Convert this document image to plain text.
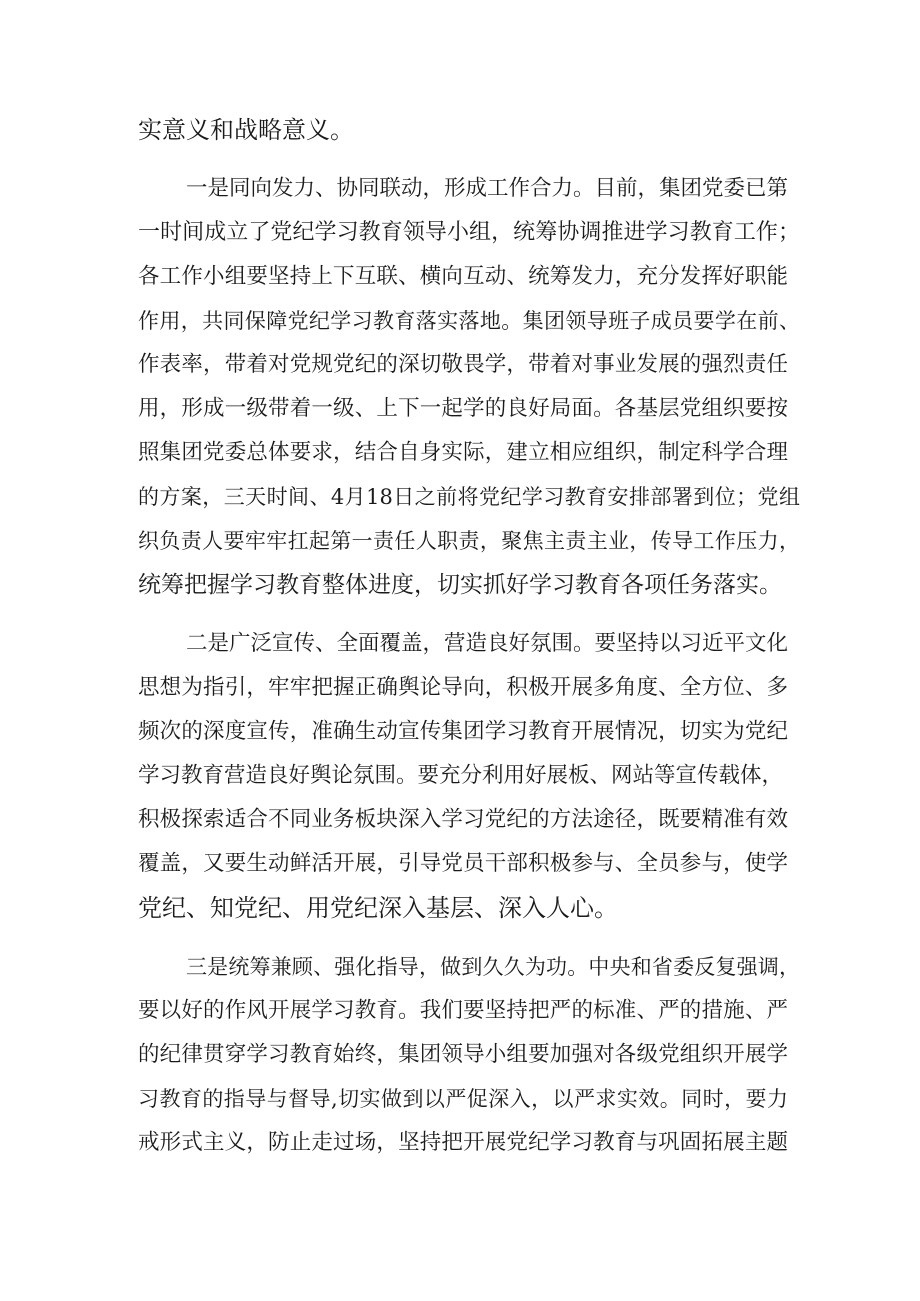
实意义和战略意义。
一是同向发力、协同联动，形成工作合力。目前，集团党委已第
一时间成立了党纪学习教育领导小组，统筹协调推进学习教育工作；
各工作小组要坚持上下互联、横向互动、统筹发力，充分发挥好职能
作用，共同保障党纪学习教育落实落地。集团领导班子成员要学在前、
作表率，带着对党规党纪的深切敬畏学，带着对事业发展的强烈责任
用，形成一级带着一级、上下一起学的良好局面。各基层党组织要按
照集团党委总体要求，结合自身实际，建立相应组织，制定科学合理
的方案，三天时间、4月18日之前将党纪学习教育安排部署到位；党组
织负责人要牢牢扛起第一责任人职责，聚焦主责主业，传导工作压力，
统筹把握学习教育整体进度，切实抓好学习教育各项任务落实。
二是广泛宣传、全面覆盖，营造良好氛围。要坚持以习近平文化
思想为指引，牢牢把握正确舆论导向，积极开展多角度、全方位、多
频次的深度宣传，准确生动宣传集团学习教育开展情况，切实为党纪
学习教育营造良好舆论氛围。要充分利用好展板、网站等宣传载体，
积极探索适合不同业务板块深入学习党纪的方法途径，既要精准有效
覆盖，又要生动鲜活开展，引导党员干部积极参与、全员参与，使学
党纪、知党纪、用党纪深入基层、深入人心。
三是统筹兼顾、强化指导，做到久久为功。中央和省委反复强调，
要以好的作风开展学习教育。我们要坚持把严的标准、严的措施、严
的纪律贯穿学习教育始终，集团领导小组要加强对各级党组织开展学
习教育的指导与督导,切实做到以严促深入，以严求实效。同时，要力
戒形式主义，防止走过场，坚持把开展党纪学习教育与巩固拓展主题
